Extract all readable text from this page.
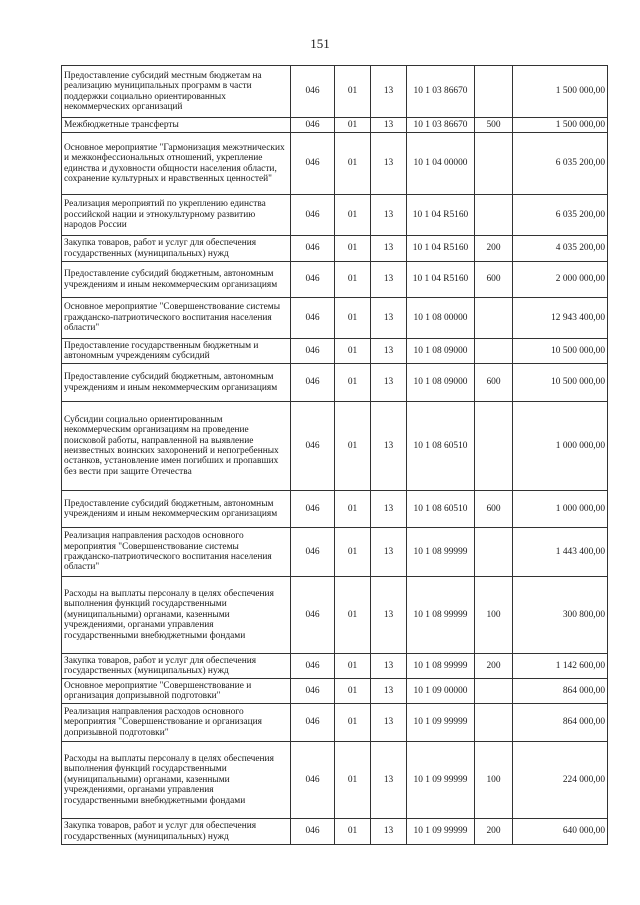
151
Предоставление субсидий местным бюджетам на реализацию муниципальных программ в части поддержки социально ориентированных некоммерческих организаций	046	01	13	10 1 03 86670		1 500 000,00
Межбюджетные трансферты	046	01	13	10 1 03 86670	500	1 500 000,00
Основное мероприятие "Гармонизация межэтнических и межконфессиональных отношений, укрепление единства и духовности общности населения области, сохранение культурных и нравственных ценностей"	046	01	13	10 1 04 00000		6 035 200,00
Реализация мероприятий по укреплению единства российской нации и этнокультурному развитию народов России	046	01	13	10 1 04 R5160		6 035 200,00
Закупка товаров, работ и услуг для обеспечения государственных (муниципальных) нужд	046	01	13	10 1 04 R5160	200	4 035 200,00
Предоставление субсидий бюджетным, автономным учреждениям и иным некоммерческим организациям	046	01	13	10 1 04 R5160	600	2 000 000,00
Основное мероприятие "Совершенствование системы гражданско-патриотического воспитания населения области"	046	01	13	10 1 08 00000		12 943 400,00
Предоставление государственным бюджетным и автономным учреждениям субсидий	046	01	13	10 1 08 09000		10 500 000,00
Предоставление субсидий бюджетным, автономным учреждениям и иным некоммерческим организациям	046	01	13	10 1 08 09000	600	10 500 000,00
Субсидии социально ориентированным некоммерческим организациям на проведение поисковой работы, направленной на выявление неизвестных воинских захоронений и непогребенных останков, установление имен погибших и пропавших без вести при защите Отечества	046	01	13	10 1 08 60510		1 000 000,00
Предоставление субсидий бюджетным, автономным учреждениям и иным некоммерческим организациям	046	01	13	10 1 08 60510	600	1 000 000,00
Реализация направления расходов основного мероприятия "Совершенствование системы гражданско-патриотического воспитания населения области"	046	01	13	10 1 08 99999		1 443 400,00
Расходы на выплаты персоналу в целях обеспечения выполнения функций государственными (муниципальными) органами, казенными учреждениями, органами управления государственными внебюджетными фондами	046	01	13	10 1 08 99999	100	300 800,00
Закупка товаров, работ и услуг для обеспечения государственных (муниципальных) нужд	046	01	13	10 1 08 99999	200	1 142 600,00
Основное мероприятие "Совершенствование и организация допризывной подготовки"	046	01	13	10 1 09 00000		864 000,00
Реализация направления расходов основного мероприятия "Совершенствование и организация допризывной подготовки"	046	01	13	10 1 09 99999		864 000,00
Расходы на выплаты персоналу в целях обеспечения выполнения функций государственными (муниципальными) органами, казенными учреждениями, органами управления государственными внебюджетными фондами	046	01	13	10 1 09 99999	100	224 000,00
Закупка товаров, работ и услуг для обеспечения государственных (муниципальных) нужд	046	01	13	10 1 09 99999	200	640 000,00
